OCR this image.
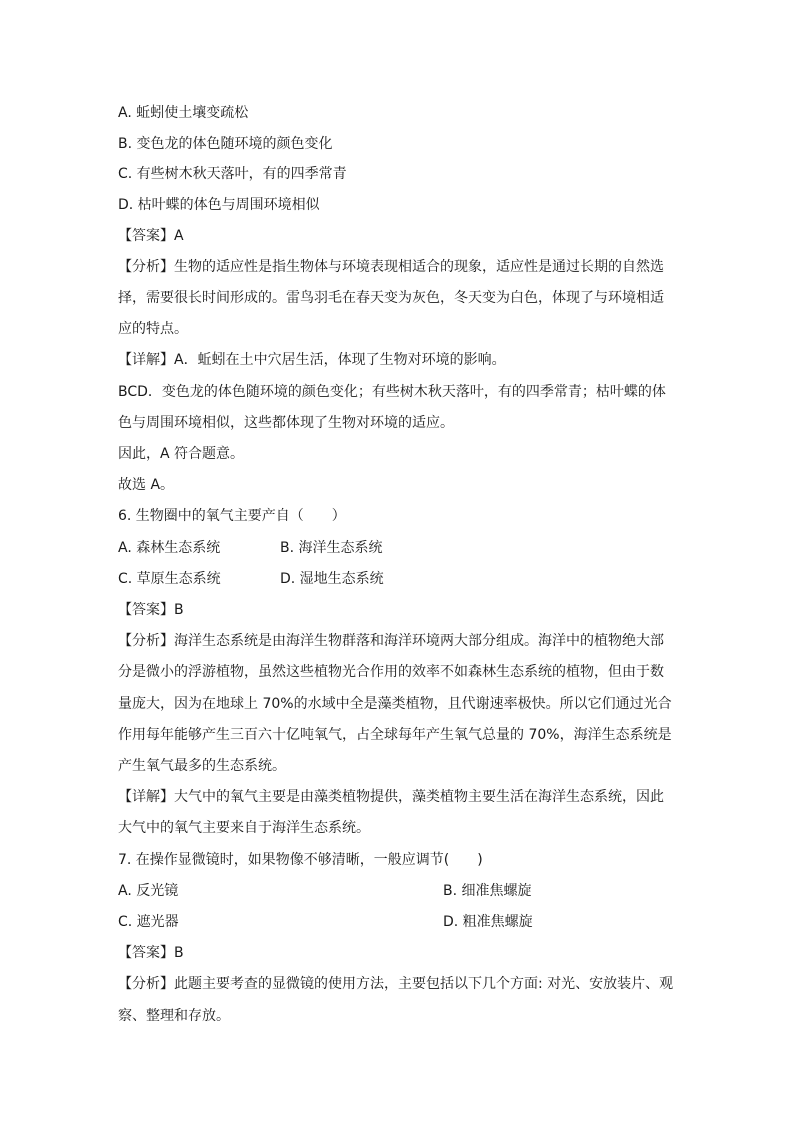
A. 蚯蚓使土壤变疏松
B. 变色龙的体色随环境的颜色变化
C. 有些树木秋天落叶，有的四季常青
D. 枯叶蝶的体色与周围环境相似
【答案】A
【分析】生物的适应性是指生物体与环境表现相适合的现象，适应性是通过长期的自然选
择，需要很长时间形成的。雷鸟羽毛在春天变为灰色，冬天变为白色，体现了与环境相适
应的特点。
【详解】A．蚯蚓在土中穴居生活，体现了生物对环境的影响。
BCD．变色龙的体色随环境的颜色变化；有些树木秋天落叶，有的四季常青；枯叶蝶的体
色与周围环境相似，这些都体现了生物对环境的适应。
因此，A 符合题意。
故选 A。
6. 生物圈中的氧气主要产自（　　）
A. 森林生态系统	B. 海洋生态系统
C. 草原生态系统	D. 湿地生态系统
【答案】B
【分析】海洋生态系统是由海洋生物群落和海洋环境两大部分组成。海洋中的植物绝大部
分是微小的浮游植物，虽然这些植物光合作用的效率不如森林生态系统的植物，但由于数
量庞大，因为在地球上 70%的水域中全是藻类植物，且代谢速率极快。所以它们通过光合
作用每年能够产生三百六十亿吨氧气，占全球每年产生氧气总量的 70%，海洋生态系统是
产生氧气最多的生态系统。
【详解】大气中的氧气主要是由藻类植物提供，藻类植物主要生活在海洋生态系统，因此
大气中的氧气主要来自于海洋生态系统。
7. 在操作显微镜时，如果物像不够清晰，一般应调节(　　)
A. 反光镜	B. 细准焦螺旋
C. 遮光器	D. 粗准焦螺旋
【答案】B
【分析】此题主要考查的显微镜的使用方法，主要包括以下几个方面: 对光、安放装片、观
察、整理和存放。
